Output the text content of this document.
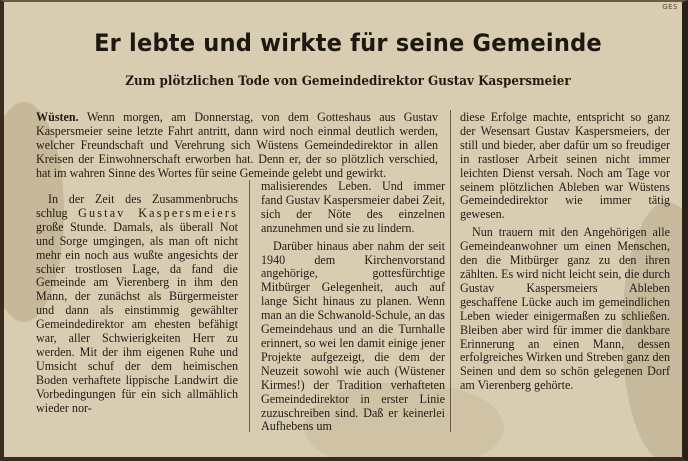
GES
Er lebte und wirkte für seine Gemeinde
Zum plötzlichen Tode von Gemeindedirektor Gustav Kaspersmeier
Wüsten. Wenn morgen, am Donnerstag, von dem Gotteshaus aus Gustav Kaspersmeier seine letzte Fahrt antritt, dann wird noch einmal deutlich werden, welcher Freundschaft und Verehrung sich Wüstens Gemeindedirektor in allen Kreisen der Einwohnerschaft erworben hat. Denn er, der so plötzlich verschied, hat im wahren Sinne des Wortes für seine Gemeinde gelebt und gewirkt.

In der Zeit des Zusammenbruchs schlug Gustav Kaspersmeiers große Stunde. Damals, als überall Not und Sorge umgingen, als man oft nicht mehr ein noch aus wußte angesichts der schier trostlosen Lage, da fand die Gemeinde am Vierenberg in ihm den Mann, der zunächst als Bürgermeister und dann als einstimmig gewählter Gemeindedirektor am ehesten befähigt war, aller Schwierigkeiten Herr zu werden. Mit der ihm eigenen Ruhe und Umsicht schuf der dem heimischen Boden verhaftete lippische Landwirt die Vorbedingungen für ein sich allmählich wieder nor-

malisierendes Leben. Und immer fand Gustav Kaspersmeier dabei Zeit, sich der Nöte des einzelnen anzunehmen und sie zu lindern.

Darüber hinaus aber nahm der seit 1940 dem Kirchenvorstand angehörige, gottesfürchtige Mitbürger Gelegenheit, auch auf lange Sicht hinaus zu planen. Wenn man an die Schwanold-Schule, an das Gemeindehaus und an die Turnhalle erinnert, so wei len damit einige jener Projekte aufgezeigt, die dem der Neuzeit sowohl wie auch (Wüstener Kirmes!) der Tradition verhafteten Gemeindedirektor in erster Linie zuzuschreiben sind. Daß er keinerlei Aufhebens um

diese Erfolge machte, entspricht so ganz der Wesensart Gustav Kaspersmeiers, der still und bieder, aber dafür um so freudiger in rastloser Arbeit seinen nicht immer leichten Dienst versah. Noch am Tage vor seinem plötzlichen Ableben war Wüstens Gemeindedirektor wie immer tätig gewesen.

Nun trauern mit den Angehörigen alle Gemeindeanwohner um einen Menschen, den die Mitbürger ganz zu den ihren zählten. Es wird nicht leicht sein, die durch Gustav Kaspersmeiers Ableben geschaffene Lücke auch im gemeindlichen Leben wieder einigermaßen zu schließen. Bleiben aber wird für immer die dankbare Erinnerung an einen Mann, dessen erfolgreiches Wirken und Streben ganz den Seinen und dem so schön gelegenen Dorf am Vierenberg gehörte.
